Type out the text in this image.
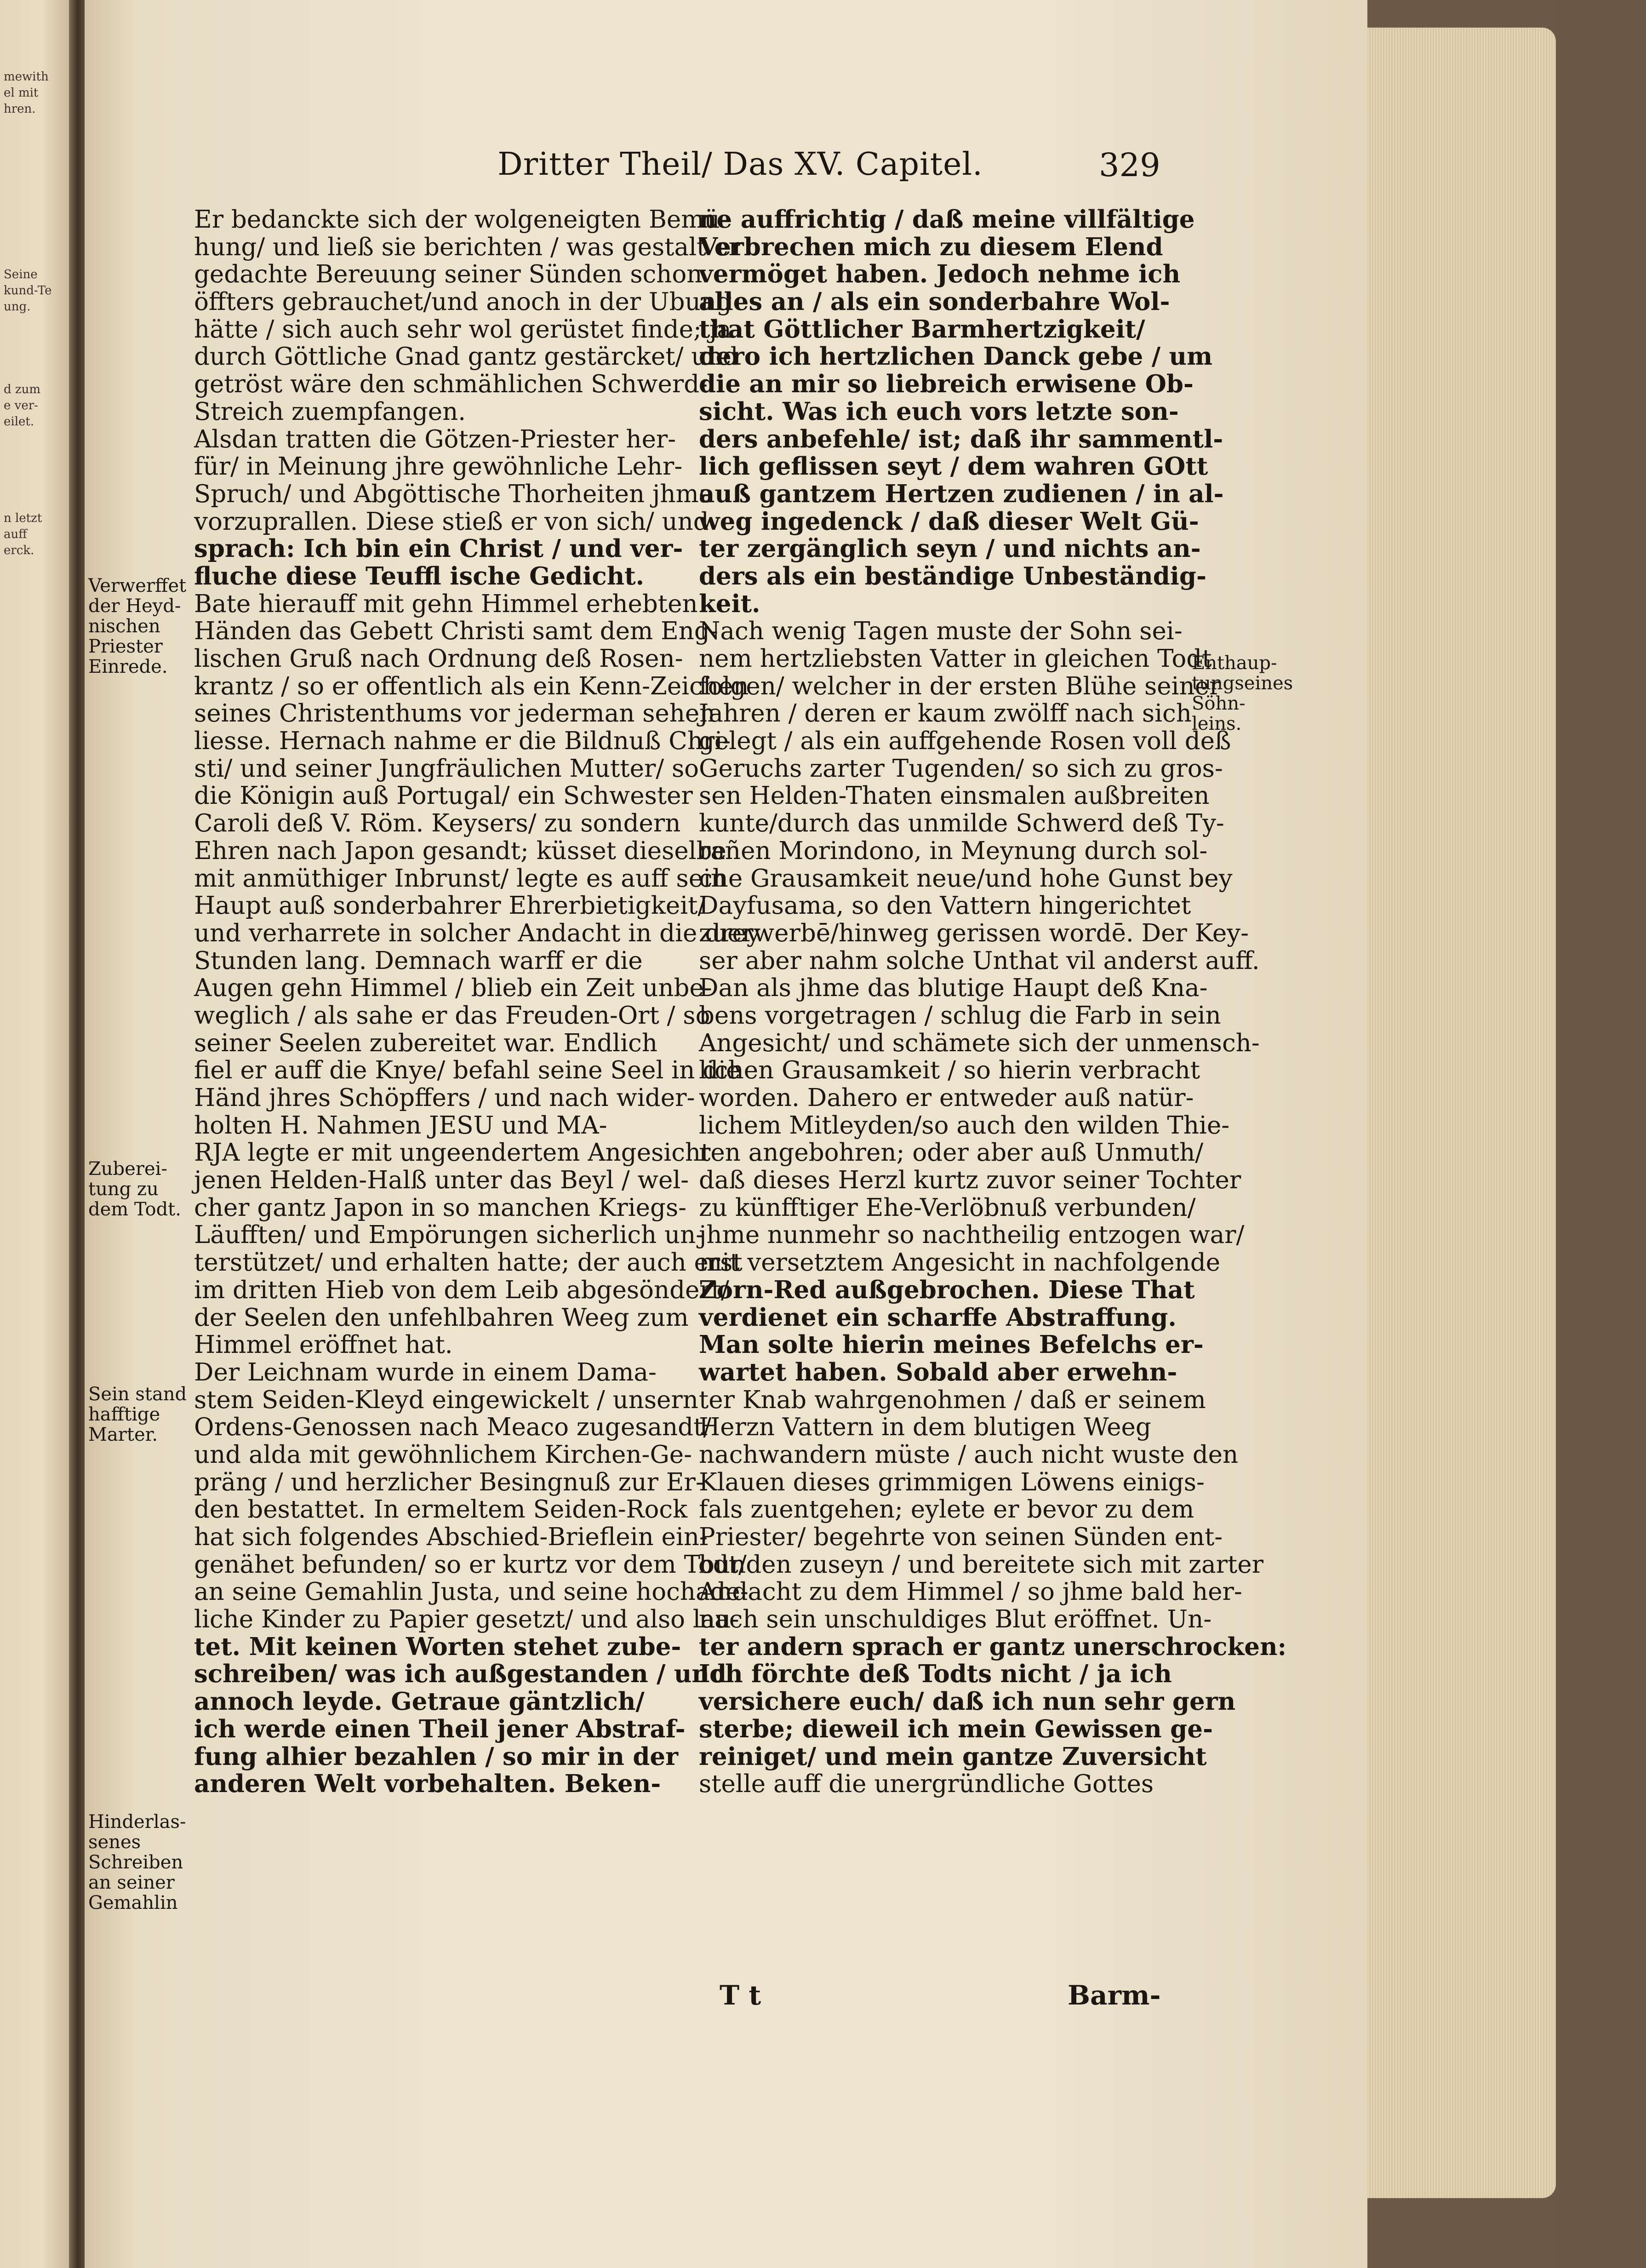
mewith
el mit
hren.
Seine
kund-Te
ung.
d zum
e ver-
eilet.
n letzt
auff
erck.
Dritter Theil/ Das XV. Capitel.	329

Er bedanckte sich der wolgeneigten Bemü-

hung/ und ließ sie berichten / was gestalt er

gedachte Bereuung seiner Sünden schon

öffters gebrauchet/und anoch in der Ubung

hätte / sich auch sehr wol gerüstet finde; ja

durch Göttliche Gnad gantz gestärcket/ und

getröst wäre den schmählichen Schwerd-

Streich zuempfangen.

Alsdan tratten die Götzen-Priester her-

für/ in Meinung jhre gewöhnliche Lehr-

Spruch/ und Abgöttische Thorheiten jhme

vorzuprallen. Diese stieß er von sich/ und

sprach: Ich bin ein Christ / und ver-

fluche diese Teuffl ische Gedicht.

Bate hierauff mit gehn Himmel erhebten

Händen das Gebett Christi samt dem Eng-

lischen Gruß nach Ordnung deß Rosen-

krantz / so er offentlich als ein Kenn-Zeichen

seines Christenthums vor jederman sehen

liesse. Hernach nahme er die Bildnuß Chri-

sti/ und seiner Jungfräulichen Mutter/ so

die Königin auß Portugal/ ein Schwester

Caroli deß V. Röm. Keysers/ zu sondern

Ehren nach Japon gesandt; küsset dieselbe

mit anmüthiger Inbrunst/ legte es auff sein

Haupt auß sonderbahrer Ehrerbietigkeit/

und verharrete in solcher Andacht in die drey

Stunden lang. Demnach warff er die

Augen gehn Himmel / blieb ein Zeit unbe-

weglich / als sahe er das Freuden-Ort / so

seiner Seelen zubereitet war. Endlich

fiel er auff die Knye/ befahl seine Seel in die

Händ jhres Schöpffers / und nach wider-

holten H. Nahmen JESU und MA-

RJA legte er mit ungeendertem Angesicht

jenen Helden-Halß unter das Beyl / wel-

cher gantz Japon in so manchen Kriegs-

Läufften/ und Empörungen sicherlich un-

terstützet/ und erhalten hatte; der auch erst

im dritten Hieb von dem Leib abgesöndert/

der Seelen den unfehlbahren Weeg zum

Himmel eröffnet hat.

Der Leichnam wurde in einem Dama-

stem Seiden-Kleyd eingewickelt / unsern

Ordens-Genossen nach Meaco zugesandt/

und alda mit gewöhnlichem Kirchen-Ge-

präng / und herzlicher Besingnuß zur Er-

den bestattet. In ermeltem Seiden-Rock

hat sich folgendes Abschied-Brieflein ein-

genähet befunden/ so er kurtz vor dem Todt/

an seine Gemahlin Justa, und seine hochade-

liche Kinder zu Papier gesetzt/ und also lau-

tet. Mit keinen Worten stehet zube-

schreiben/ was ich außgestanden / und

annoch leyde. Getraue gäntzlich/

ich werde einen Theil jener Abstraf-

fung alhier bezahlen / so mir in der

anderen Welt vorbehalten. Beken-

ne auffrichtig / daß meine villfältige

Verbrechen mich zu diesem Elend

vermöget haben. Jedoch nehme ich

alles an / als ein sonderbahre Wol-

that Göttlicher Barmhertzigkeit/

dero ich hertzlichen Danck gebe / um

die an mir so liebreich erwisene Ob-

sicht. Was ich euch vors letzte son-

ders anbefehle/ ist; daß ihr sammentl-

lich geflissen seyt / dem wahren GOtt

auß gantzem Hertzen zudienen / in al-

weg ingedenck / daß dieser Welt Gü-

ter zergänglich seyn / und nichts an-

ders als ein beständige Unbeständig-

keit.

Nach wenig Tagen muste der Sohn sei-

nem hertzliebsten Vatter in gleichen Todt

folgen/ welcher in der ersten Blühe seiner

Jahren / deren er kaum zwölff nach sich

gelegt / als ein auffgehende Rosen voll deß

Geruchs zarter Tugenden/ so sich zu gros-

sen Helden-Thaten einsmalen außbreiten

kunte/durch das unmilde Schwerd deß Ty-

rañen Morindono, in Meynung durch sol-

che Grausamkeit neue/und hohe Gunst bey

Dayfusama, so den Vattern hingerichtet

zuerwerbē/hinweg gerissen wordē. Der Key-

ser aber nahm solche Unthat vil anderst auff.

Dan als jhme das blutige Haupt deß Kna-

bens vorgetragen / schlug die Farb in sein

Angesicht/ und schämete sich der unmensch-

lichen Grausamkeit / so hierin verbracht

worden. Dahero er entweder auß natür-

lichem Mitleyden/so auch den wilden Thie-

ren angebohren; oder aber auß Unmuth/

daß dieses Herzl kurtz zuvor seiner Tochter

zu künfftiger Ehe-Verlöbnuß verbunden/

jhme nunmehr so nachtheilig entzogen war/

mit versetztem Angesicht in nachfolgende

Zorn-Red außgebrochen. Diese That

verdienet ein scharffe Abstraffung.

Man solte hierin meines Befelchs er-

wartet haben. Sobald aber erwehn-

ter Knab wahrgenohmen / daß er seinem

Herzn Vattern in dem blutigen Weeg

nachwandern müste / auch nicht wuste den

Klauen dieses grimmigen Löwens einigs-

fals zuentgehen; eylete er bevor zu dem

Priester/ begehrte von seinen Sünden ent-

bunden zuseyn / und bereitete sich mit zarter

Andacht zu dem Himmel / so jhme bald her-

nach sein unschuldiges Blut eröffnet. Un-

ter andern sprach er gantz unerschrocken:

Ich förchte deß Todts nicht / ja ich

versichere euch/ daß ich nun sehr gern

sterbe; dieweil ich mein Gewissen ge-

reiniget/ und mein gantze Zuversicht

stelle auff die unergründliche Gottes

Verwerffet
der Heyd-
nischen
Priester
Einrede.
Zuberei-
tung zu
dem Todt.
Sein stand
hafftige
Marter.
Hinderlas-
senes
Schreiben
an seiner
Gemahlin
Enthaup-
tungseines
Söhn-
leins.
T t	Barm-
